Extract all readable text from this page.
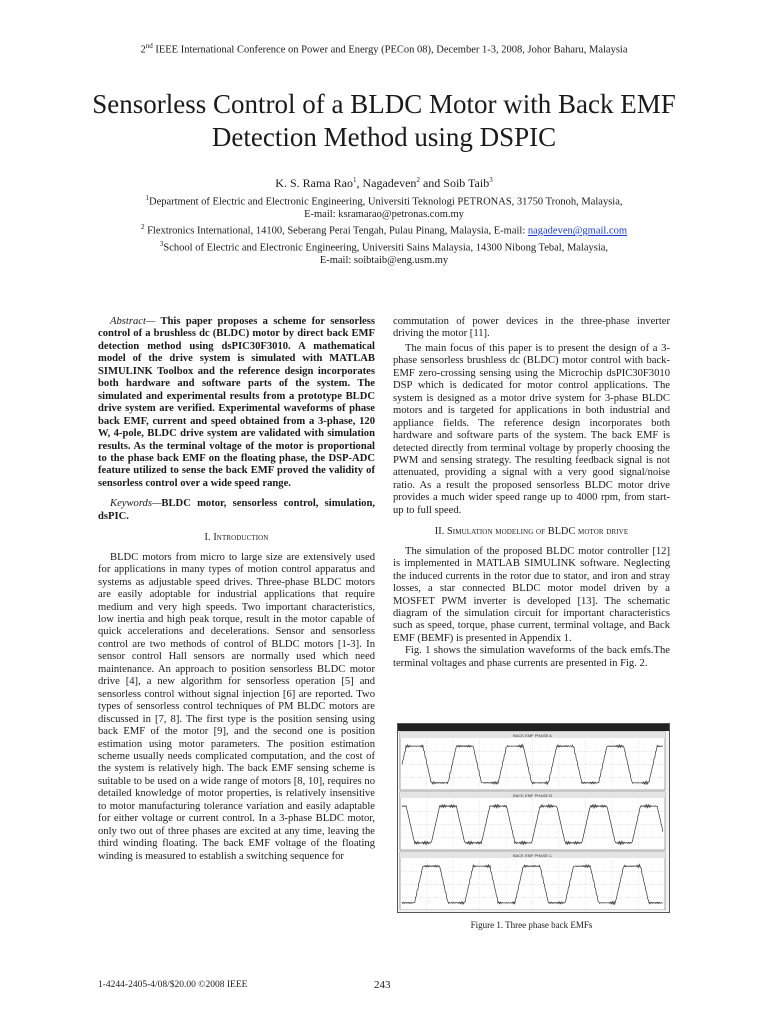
2nd IEEE International Conference on Power and Energy (PECon 08), December 1-3, 2008, Johor Baharu, Malaysia
Sensorless Control of a BLDC Motor with Back EMF Detection Method using DSPIC
K. S. Rama Rao$^1$, Nagadeven$^2$ and Soib Taib$^3$
$^1$Department of Electric and Electronic Engineering, Universiti Teknologi PETRONAS, 31750 Tronoh, Malaysia,
E-mail: ksramarao@petronas.com.my
$^2$ Flextronics International, 14100, Seberang Perai Tengah, Pulau Pinang, Malaysia, E-mail: nagadeven@gmail.com
$^3$School of Electric and Electronic Engineering, Universiti Sains Malaysia, 14300 Nibong Tebal, Malaysia,
E-mail: soibtaib@eng.usm.my

Abstract— This paper proposes a scheme for sensorless control of a brushless dc (BLDC) motor by direct back EMF detection method using dsPIC30F3010. A mathematical model of the drive system is simulated with MATLAB SIMULINK Toolbox and the reference design incorporates both hardware and software parts of the system. The simulated and experimental results from a prototype BLDC drive system are verified. Experimental waveforms of phase back EMF, current and speed obtained from a 3-phase, 120 W, 4-pole, BLDC drive system are validated with simulation results. As the terminal voltage of the motor is proportional to the phase back EMF on the floating phase, the DSP-ADC feature utilized to sense the back EMF proved the validity of sensorless control over a wide speed range.

Keywords—BLDC motor, sensorless control, simulation, dsPIC.

I. Introduction

BLDC motors from micro to large size are extensively used for applications in many types of motion control apparatus and systems as adjustable speed drives. Three-phase BLDC motors are easily adoptable for industrial applications that require medium and very high speeds. Two important characteristics, low inertia and high peak torque, result in the motor capable of quick accelerations and decelerations. Sensor and sensorless control are two methods of control of BLDC motors [1-3]. In sensor control Hall sensors are normally used which need maintenance. An approach to position sensorless BLDC motor drive [4], a new algorithm for sensorless operation [5] and sensorless control without signal injection [6] are reported. Two types of sensorless control techniques of PM BLDC motors are discussed in [7, 8]. The first type is the position sensing using back EMF of the motor [9], and the second one is position estimation using motor parameters. The position estimation scheme usually needs complicated computation, and the cost of the system is relatively high. The back EMF sensing scheme is suitable to be used on a wide range of motors [8, 10], requires no detailed knowledge of motor properties, is relatively insensitive to motor manufacturing tolerance variation and easily adaptable for either voltage or current control. In a 3-phase BLDC motor, only two out of three phases are excited at any time, leaving the third winding floating. The back EMF voltage of the floating winding is measured to establish a switching sequence for

commutation of power devices in the three-phase inverter driving the motor [11].

The main focus of this paper is to present the design of a 3-phase sensorless brushless dc (BLDC) motor control with back-EMF zero-crossing sensing using the Microchip dsPIC30F3010 DSP which is dedicated for motor control applications. The system is designed as a motor drive system for 3-phase BLDC motors and is targeted for applications in both industrial and appliance fields. The reference design incorporates both hardware and software parts of the system. The back EMF is detected directly from terminal voltage by properly choosing the PWM and sensing strategy. The resulting feedback signal is not attenuated, providing a signal with a very good signal/noise ratio. As a result the proposed sensorless BLDC motor drive provides a much wider speed range up to 4000 rpm, from start-up to full speed.

II. Simulation modeling of BLDC motor drive

The simulation of the proposed BLDC motor controller [12] is implemented in MATLAB SIMULINK software. Neglecting the induced currents in the rotor due to stator, and iron and stray losses, a star connected BLDC motor model driven by a MOSFET PWM inverter is developed [13]. The schematic diagram of the simulation circuit for important characteristics such as speed, torque, phase current, terminal voltage, and Back EMF (BEMF) is presented in Appendix 1.

Fig. 1 shows the simulation waveforms of the back emfs.The terminal voltages and phase currents are presented in Fig. 2.

BACK EMF PHASE A
BACK EMF PHASE B
BACK EMF PHASE C
Figure 1. Three phase back EMFs
1-4244-2405-4/08/$20.00 ©2008 IEEE	243
